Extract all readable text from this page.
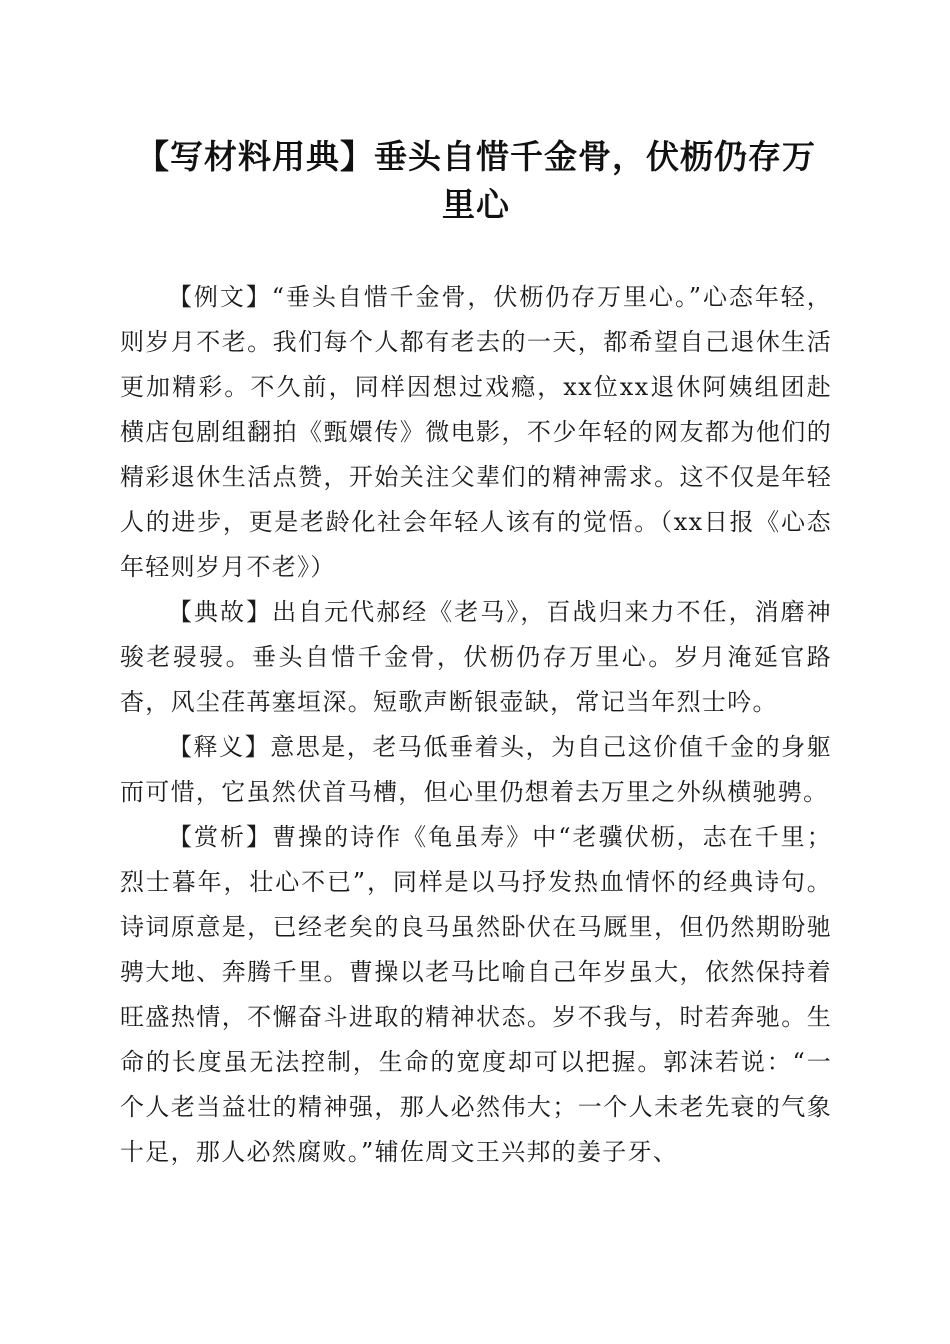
【写材料用典】垂头自惜千金骨，伏枥仍存万里心

【例文】“垂头自惜千金骨，伏枥仍存万里心。”心态年轻，则岁月不老。我们每个人都有老去的一天，都希望自己退休生活更加精彩。不久前，同样因想过戏瘾，xx位xx退休阿姨组团赴横店包剧组翻拍《甄嬛传》微电影，不少年轻的网友都为他们的精彩退休生活点赞，开始关注父辈们的精神需求。这不仅是年轻人的进步，更是老龄化社会年轻人该有的觉悟。（xx日报《心态年轻则岁月不老》）

【典故】出自元代郝经《老马》，百战归来力不任，消磨神骏老骎骎。垂头自惜千金骨，伏枥仍存万里心。岁月淹延官路杳，风尘荏苒塞垣深。短歌声断银壶缺，常记当年烈士吟。

【释义】意思是，老马低垂着头，为自己这价值千金的身躯而可惜，它虽然伏首马槽，但心里仍想着去万里之外纵横驰骋。

【赏析】曹操的诗作《龟虽寿》中“老骥伏枥，志在千里；烈士暮年，壮心不已”，同样是以马抒发热血情怀的经典诗句。诗词原意是，已经老矣的良马虽然卧伏在马厩里，但仍然期盼驰骋大地、奔腾千里。曹操以老马比喻自己年岁虽大，依然保持着旺盛热情，不懈奋斗进取的精神状态。岁不我与，时若奔驰。生命的长度虽无法控制，生命的宽度却可以把握。郭沫若说：“一个人老当益壮的精神强，那人必然伟大；一个人未老先衰的气象十足，那人必然腐败。”辅佐周文王兴邦的姜子牙、
